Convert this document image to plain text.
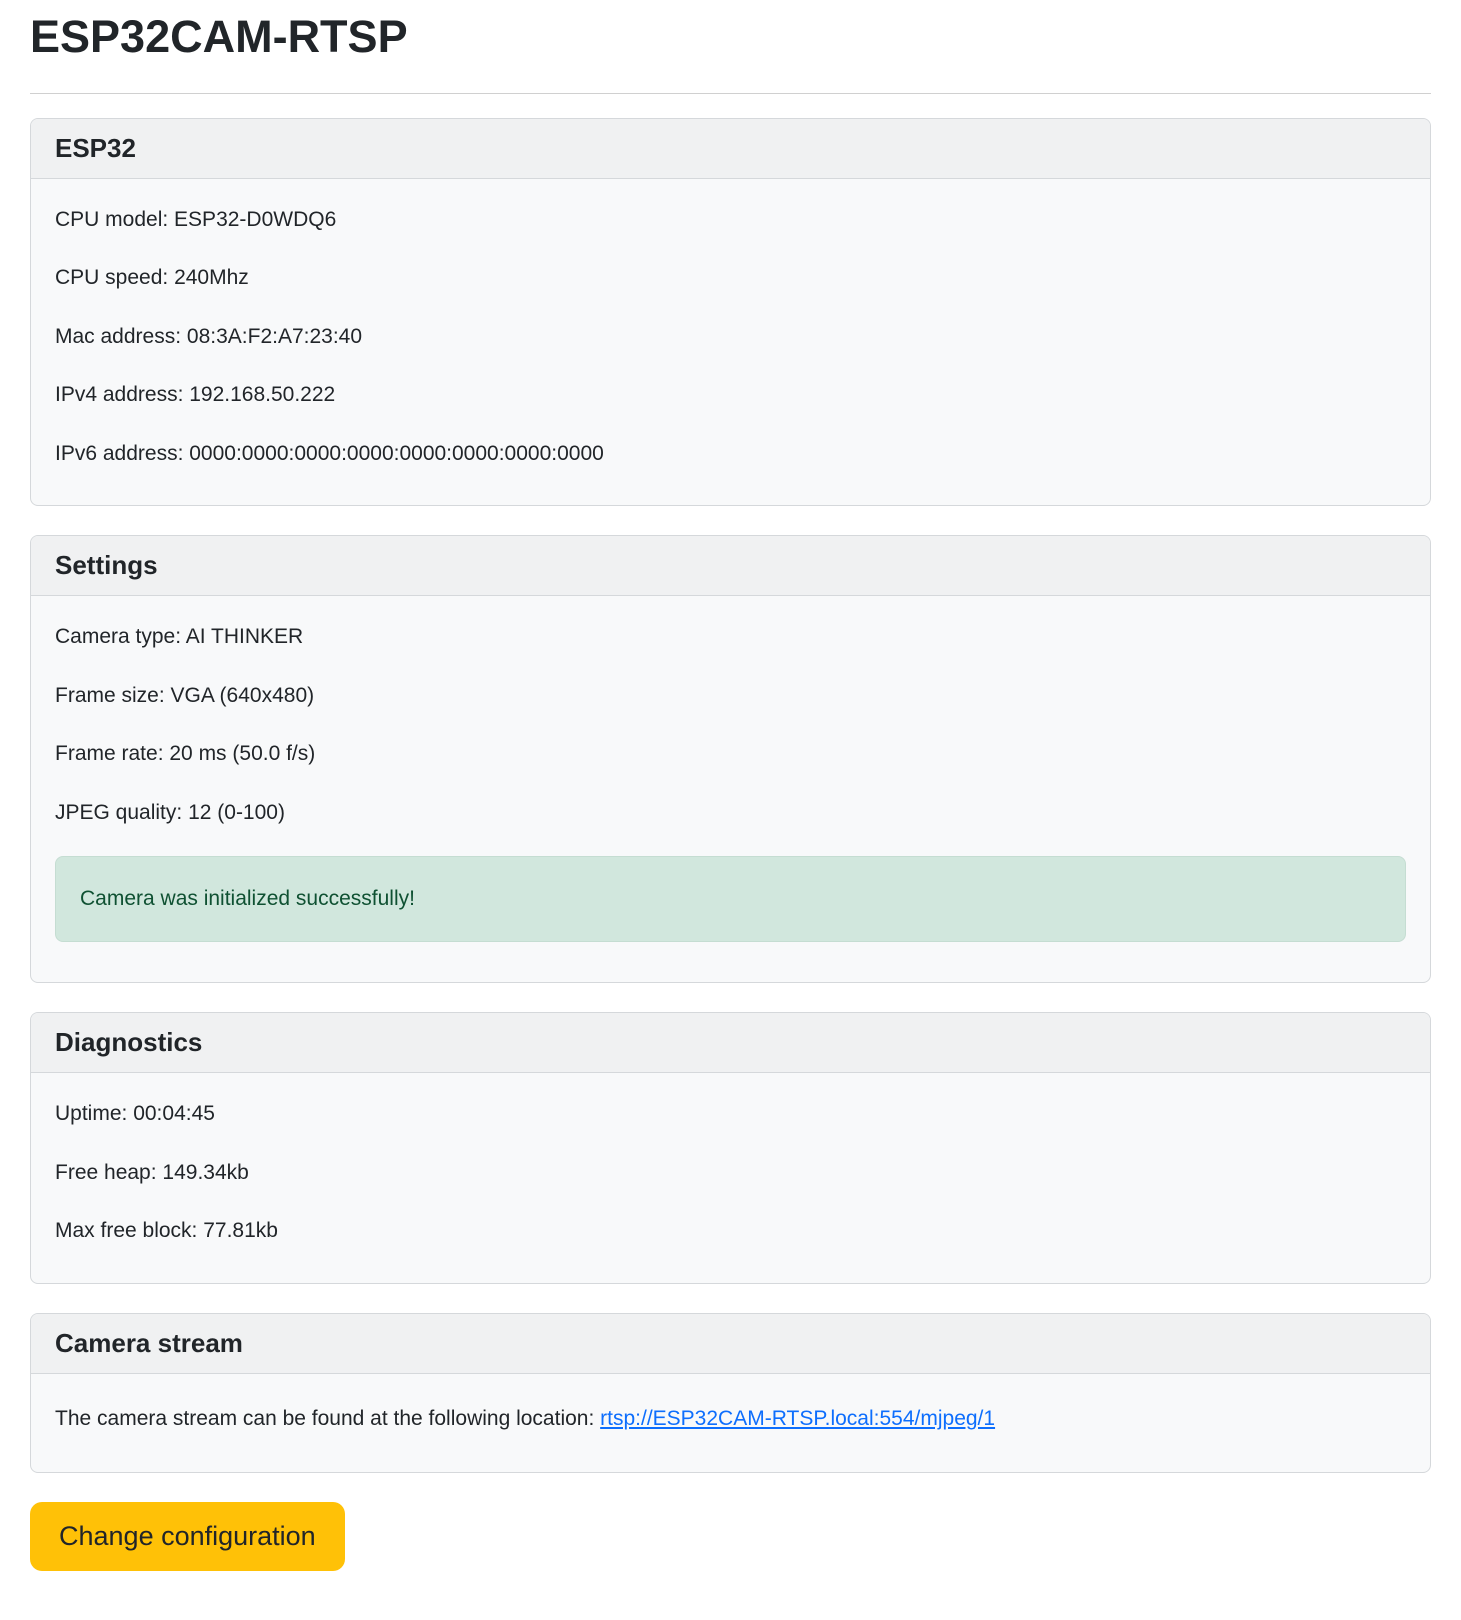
ESP32CAM-RTSP
ESP32

CPU model: ESP32-D0WDQ6

CPU speed: 240Mhz

Mac address: 08:3A:F2:A7:23:40

IPv4 address: 192.168.50.222

IPv6 address: 0000:0000:0000:0000:0000:0000:0000:0000

Settings

Camera type: AI THINKER

Frame size: VGA (640x480)

Frame rate: 20 ms (50.0 f/s)

JPEG quality: 12 (0-100)

Camera was initialized successfully!
Diagnostics

Uptime: 00:04:45

Free heap: 149.34kb

Max free block: 77.81kb

Camera stream

The camera stream can be found at the following location: rtsp://ESP32CAM-RTSP.local:554/mjpeg/1

Change configuration
